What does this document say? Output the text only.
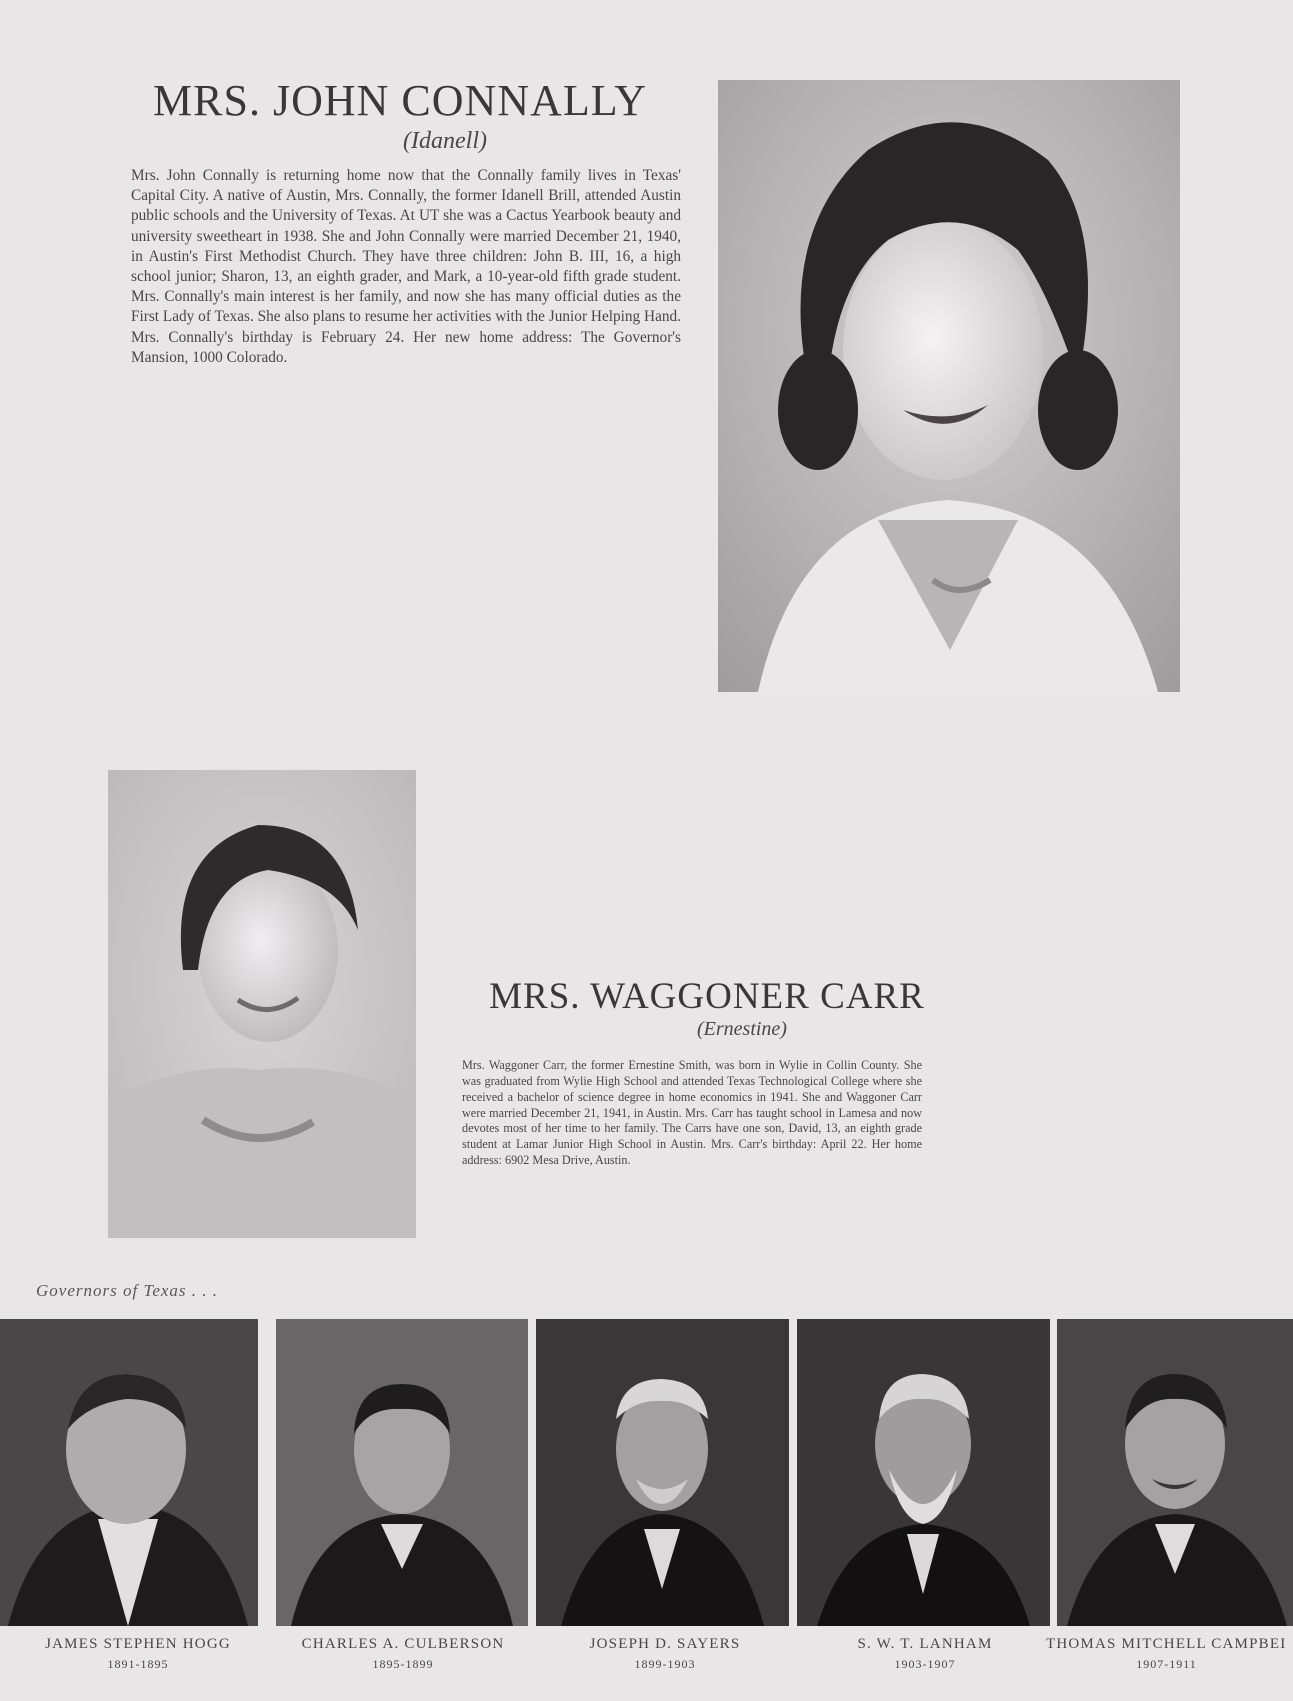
MRS. JOHN CONNALLY

(Idanell)

Mrs. John Connally is returning home now that the Connally family lives in Texas' Capital City. A native of Austin, Mrs. Connally, the former Idanell Brill, attended Austin public schools and the University of Texas. At UT she was a Cactus Yearbook beauty and university sweetheart in 1938. She and John Connally were married December 21, 1940, in Austin's First Methodist Church. They have three children: John B. III, 16, a high school junior; Sharon, 13, an eighth grader, and Mark, a 10-year-old fifth grade student. Mrs. Connally's main interest is her family, and now she has many official duties as the First Lady of Texas. She also plans to resume her activities with the Junior Helping Hand. Mrs. Connally's birthday is February 24. Her new home address: The Governor's Mansion, 1000 Colorado.

MRS. WAGGONER CARR

(Ernestine)

Mrs. Waggoner Carr, the former Ernestine Smith, was born in Wylie in Collin County. She was graduated from Wylie High School and attended Texas Technological College where she received a bachelor of science degree in home economics in 1941. She and Waggoner Carr were married December 21, 1941, in Austin. Mrs. Carr has taught school in Lamesa and now devotes most of her time to her family. The Carrs have one son, David, 13, an eighth grade student at Lamar Junior High School in Austin. Mrs. Carr's birthday: April 22. Her home address: 6902 Mesa Drive, Austin.

Governors of Texas . . .
JAMES STEPHEN HOGG
1891-1895
CHARLES A. CULBERSON
1895-1899
JOSEPH D. SAYERS
1899-1903
S. W. T. LANHAM
1903-1907
THOMAS MITCHELL CAMPBEI
1907-1911
